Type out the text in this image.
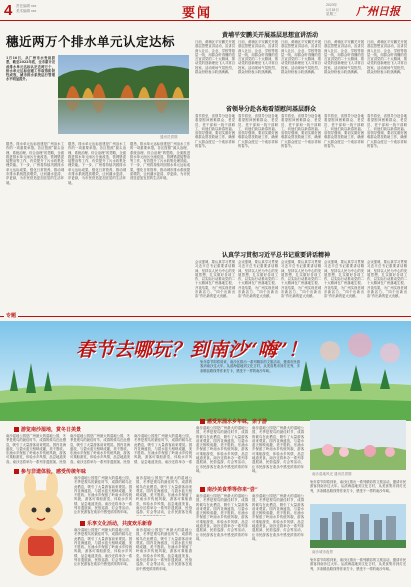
4 责任编辑 xxx
美术编辑 xxx	要闻
2023年
1月18日
星期三 广州日报
穗近两万个排水单元认定达标
通讯员供图
1月16日，从广州市水务局获悉，截至2022年底，全市累计完成排水单元达标认定近两万个，排水单元达标创建工作取得阶段性成效，城市排水系统运行管理水平明显提升。
据悉，排水单元达标创建是广州治水工作的一项重要举措。各区按照“源头治理、系统治理、综合治理”的思路，全面推进排水单元雨污分流改造、管网错混接整治等工作，有效提升了污水收集处理效能。下一步，广州将持续巩固排水单元达标成果，强化日常管养，推动城市排水系统提质增效，让河湖水更清、岸更绿，为市民营造更加宜居的生活环境。
据悉，排水单元达标创建是广州治水工作的一项重要举措。各区按照“源头治理、系统治理、综合治理”的思路，全面推进排水单元雨污分流改造、管网错混接整治等工作，有效提升了污水收集处理效能。下一步，广州将持续巩固排水单元达标成果，强化日常管养，推动城市排水系统提质增效，让河湖水更清、岸更绿，为市民营造更加宜居的生活环境。
据悉，排水单元达标创建是广州治水工作的一项重要举措。各区按照“源头治理、系统治理、综合治理”的思路，全面推进排水单元雨污分流改造、管网错混接整治等工作，有效提升了污水收集处理效能。下一步，广州将持续巩固排水单元达标成果，强化日常管养，推动城市排水系统提质增效，让河湖水更清、岸更绿，为市民营造更加宜居的生活环境。
黄埔平安鹏关开展基层思想宣讲活动
日前，黄埔区平安鹏关开展基层思想宣讲活动，宣讲员深入社区、企业、学校等基层一线，用群众听得懂的语言宣讲党的二十大精神，推动党的创新理论飞入寻常百姓家。活动现场气氛热烈，群众纷纷表示收获满满。
日前，黄埔区平安鹏关开展基层思想宣讲活动，宣讲员深入社区、企业、学校等基层一线，用群众听得懂的语言宣讲党的二十大精神，推动党的创新理论飞入寻常百姓家。活动现场气氛热烈，群众纷纷表示收获满满。
日前，黄埔区平安鹏关开展基层思想宣讲活动，宣讲员深入社区、企业、学校等基层一线，用群众听得懂的语言宣讲党的二十大精神，推动党的创新理论飞入寻常百姓家。活动现场气氛热烈，群众纷纷表示收获满满。
日前，黄埔区平安鹏关开展基层思想宣讲活动，宣讲员深入社区、企业、学校等基层一线，用群众听得懂的语言宣讲党的二十大精神，推动党的创新理论飞入寻常百姓家。活动现场气氛热烈，群众纷纷表示收获满满。
日前，黄埔区平安鹏关开展基层思想宣讲活动，宣讲员深入社区、企业、学校等基层一线，用群众听得懂的语言宣讲党的二十大精神，推动党的创新理论飞入寻常百姓家。活动现场气氛热烈，群众纷纷表示收获满满。
省领导分赴各地看望慰问基层群众
春节将至，省领导分赴各地看望慰问困难群众、老党员、老干部和一线干部职工，向他们致以新春祝福。省领导强调，要切实做好困难群众帮扶救助工作，确保广大群众度过一个欢乐祥和的春节。
春节将至，省领导分赴各地看望慰问困难群众、老党员、老干部和一线干部职工，向他们致以新春祝福。省领导强调，要切实做好困难群众帮扶救助工作，确保广大群众度过一个欢乐祥和的春节。
春节将至，省领导分赴各地看望慰问困难群众、老党员、老干部和一线干部职工，向他们致以新春祝福。省领导强调，要切实做好困难群众帮扶救助工作，确保广大群众度过一个欢乐祥和的春节。
春节将至，省领导分赴各地看望慰问困难群众、老党员、老干部和一线干部职工，向他们致以新春祝福。省领导强调，要切实做好困难群众帮扶救助工作，确保广大群众度过一个欢乐祥和的春节。
春节将至，省领导分赴各地看望慰问困难群众、老党员、老干部和一线干部职工，向他们致以新春祝福。省领导强调，要切实做好困难群众帮扶救助工作，确保广大群众度过一个欢乐祥和的春节。
认真学习贯彻习近平总书记重要讲话精神
会议强调，要认真学习贯彻习近平总书记重要讲话精神，坚持以人民为中心的发展思想，扎实做好各项工作，以实际行动推动党的二十大精神在广州落地生根、开花结果，为广州实现老城市新活力、“四个出新出彩”作出新的更大贡献。
会议强调，要认真学习贯彻习近平总书记重要讲话精神，坚持以人民为中心的发展思想，扎实做好各项工作，以实际行动推动党的二十大精神在广州落地生根、开花结果，为广州实现老城市新活力、“四个出新出彩”作出新的更大贡献。
会议强调，要认真学习贯彻习近平总书记重要讲话精神，坚持以人民为中心的发展思想，扎实做好各项工作，以实际行动推动党的二十大精神在广州落地生根、开花结果，为广州实现老城市新活力、“四个出新出彩”作出新的更大贡献。
会议强调，要认真学习贯彻习近平总书记重要讲话精神，坚持以人民为中心的发展思想，扎实做好各项工作，以实际行动推动党的二十大精神在广州落地生根、开花结果，为广州实现老城市新活力、“四个出新出彩”作出新的更大贡献。
会议强调，要认真学习贯彻习近平总书记重要讲话精神，坚持以人民为中心的发展思想，扎实做好各项工作，以实际行动推动党的二十大精神在广州落地生根、开花结果，为广州实现老城市新活力、“四个出新出彩”作出新的更大贡献。
专题
春节去哪玩？到南沙“嗨”！
兔年春节即将到来，南沙区推出一系列精彩的文旅活动，邀请市民游客到南沙过大年。从滨海湿地到文化古村，从美食集市到灯光秀，多条精品路线等你来打卡，感受不一样的南沙年味。
游览南沙湿地，赏冬日美景
南沙湿地公园是广州最大的湿地公园，冬季是观鸟的最佳时节，成群的候鸟在此栖息，吸引了大量游客前来观赏。园内花海盛放，与碧水蓝天相映成趣，美不胜收。东涌水乡保留了岭南水乡传统风貌，游客可乘船游览，体验水乡风情，品尝地道美食。南沙还将举办一系列非遗展演、民俗
南沙湿地公园是广州最大的湿地公园，冬季是观鸟的最佳时节，成群的候鸟在此栖息，吸引了大量游客前来观赏。园内花海盛放，与碧水蓝天相映成趣，美不胜收。东涌水乡保留了岭南水乡传统风貌，游客可乘船游览，体验水乡风情，品尝地道美食。南沙还将举办一系列非遗展演、民俗
南沙湿地公园是广州最大的湿地公园，冬季是观鸟的最佳时节，成群的候鸟在此栖息，吸引了大量游客前来观赏。园内花海盛放，与碧水蓝天相映成趣，美不胜收。东涌水乡保留了岭南水乡传统风貌，游客可乘船游览，体验水乡风情，品尝地道美食。南沙还将举办一系
参与非遗体验，感受传统年味
南沙湿地公园是广州最大的湿地公园，冬季是观鸟的最佳时节，成群的候鸟在此栖息，吸引了大量游客前来观赏。园内花海盛放，与碧水蓝天相映成趣，美不胜收。东涌水乡保留了岭南水乡传统风貌，游客可乘船游览，体验水乡风情，品尝地道美食。南沙还将举办一系列非遗展演、民俗巡游、灯会等活动，让市民游客在欢乐中感受浓浓的年味。
南沙湿地公园是广州最大的湿地公园，冬季是观鸟的最佳时节，成群的候鸟在此栖息，吸引了大量游客前来观赏。园内花海盛放，与碧水蓝天相映成趣，美不胜收。东涌水乡保留了岭南水乡传统风貌，游客可乘船游览，体验水乡风情，品尝地道美食。南沙还将举办一系列非遗展演、民俗巡游、灯会等活动，让市民游客在欢
乐享文化活动，共度欢乐新春
南沙湿地公园是广州最大的湿地公园，冬季是观鸟的最佳时节，成群的候鸟在此栖息，吸引了大量游客前来观赏。园内花海盛放，与碧水蓝天相映成趣，美不胜收。东涌水乡保留了岭南水乡传统风貌，游客可乘船游览，体验水乡风情，品尝地道美食。南沙还将举办一系列非遗展演、民俗巡游、灯会等活动，让市民游客在欢乐中感受浓浓的年味。
南沙湿地公园是广州最大的湿地公园，冬季是观鸟的最佳时节，成群的候鸟在此栖息，吸引了大量游客前来观赏。园内花海盛放，与碧水蓝天相映成趣，美不胜收。东涌水乡保留了岭南水乡传统风貌，游客可乘船游览，体验水乡风情，品尝地道美食。南沙还将举办一系列非遗展演、民俗巡游、灯会等活动，让市民游客在欢乐中感受浓浓的年味。
感受东涌水乡年味，亲子游
南沙湿地公园是广州最大的湿地公园，冬季是观鸟的最佳时节，成群的候鸟在此栖息，吸引了大量游客前来观赏。园内花海盛放，与碧水蓝天相映成趣，美不胜收。东涌水乡保留了岭南水乡传统风貌，游客可乘船游览，体验水乡风情，品尝地道美食。南沙还将举办一系列非遗展演、民俗巡游、灯会等活动，让市民游客在欢乐中感受浓浓的年味。
南沙湿地公园是广州最大的湿地公园，冬季是观鸟的最佳时节，成群的候鸟在此栖息，吸引了大量游客前来观赏。园内花海盛放，与碧水蓝天相映成趣，美不胜收。东涌水乡保留了岭南水乡传统风貌，游客可乘船游览，体验水乡风情，品尝地道美食。南沙还将举办一系列非遗展演、民俗巡游、灯会等活动，让市民游客在欢乐中感受浓浓的年味。
南沙美食季等你来“尝”
南沙湿地公园是广州最大的湿地公园，冬季是观鸟的最佳时节，成群的候鸟在此栖息，吸引了大量游客前来观赏。园内花海盛放，与碧水蓝天相映成趣，美不胜收。东涌水乡保留了岭南水乡传统风貌，游客可乘船游览，体验水乡风情，品尝地道美食。南沙还将举办一系列非遗展演、民俗巡游、灯会等活动，让市民游客在欢乐中感受浓浓的年味。
南沙湿地公园是广州最大的湿地公园，冬季是观鸟的最佳时节，成群的候鸟在此栖息，吸引了大量游客前来观赏。园内花海盛放，与碧水蓝天相映成趣，美不胜收。东涌水乡保留了岭南水乡传统风貌，游客可乘船游览，体验水乡风情，品尝地道美食。南沙还将举办一系列非遗展演、民俗巡游、灯会等活动，让市民游客在欢乐中感受浓浓的年味。
南沙湿地风光 通讯员供图
兔年春节即将到来，南沙区推出一系列精彩的文旅活动，邀请市民游客到南沙过大年。从滨海湿地到文化古村，从美食集市到灯光秀，多条精品路线等你来打卡，感受不一样的南沙年味。
南沙城市夜景
兔年春节即将到来，南沙区推出一系列精彩的文旅活动，邀请市民游客到南沙过大年。从滨海湿地到文化古村，从美食集市到灯光秀，多条精品路线等你来打卡，感受不一样的南沙年味。
